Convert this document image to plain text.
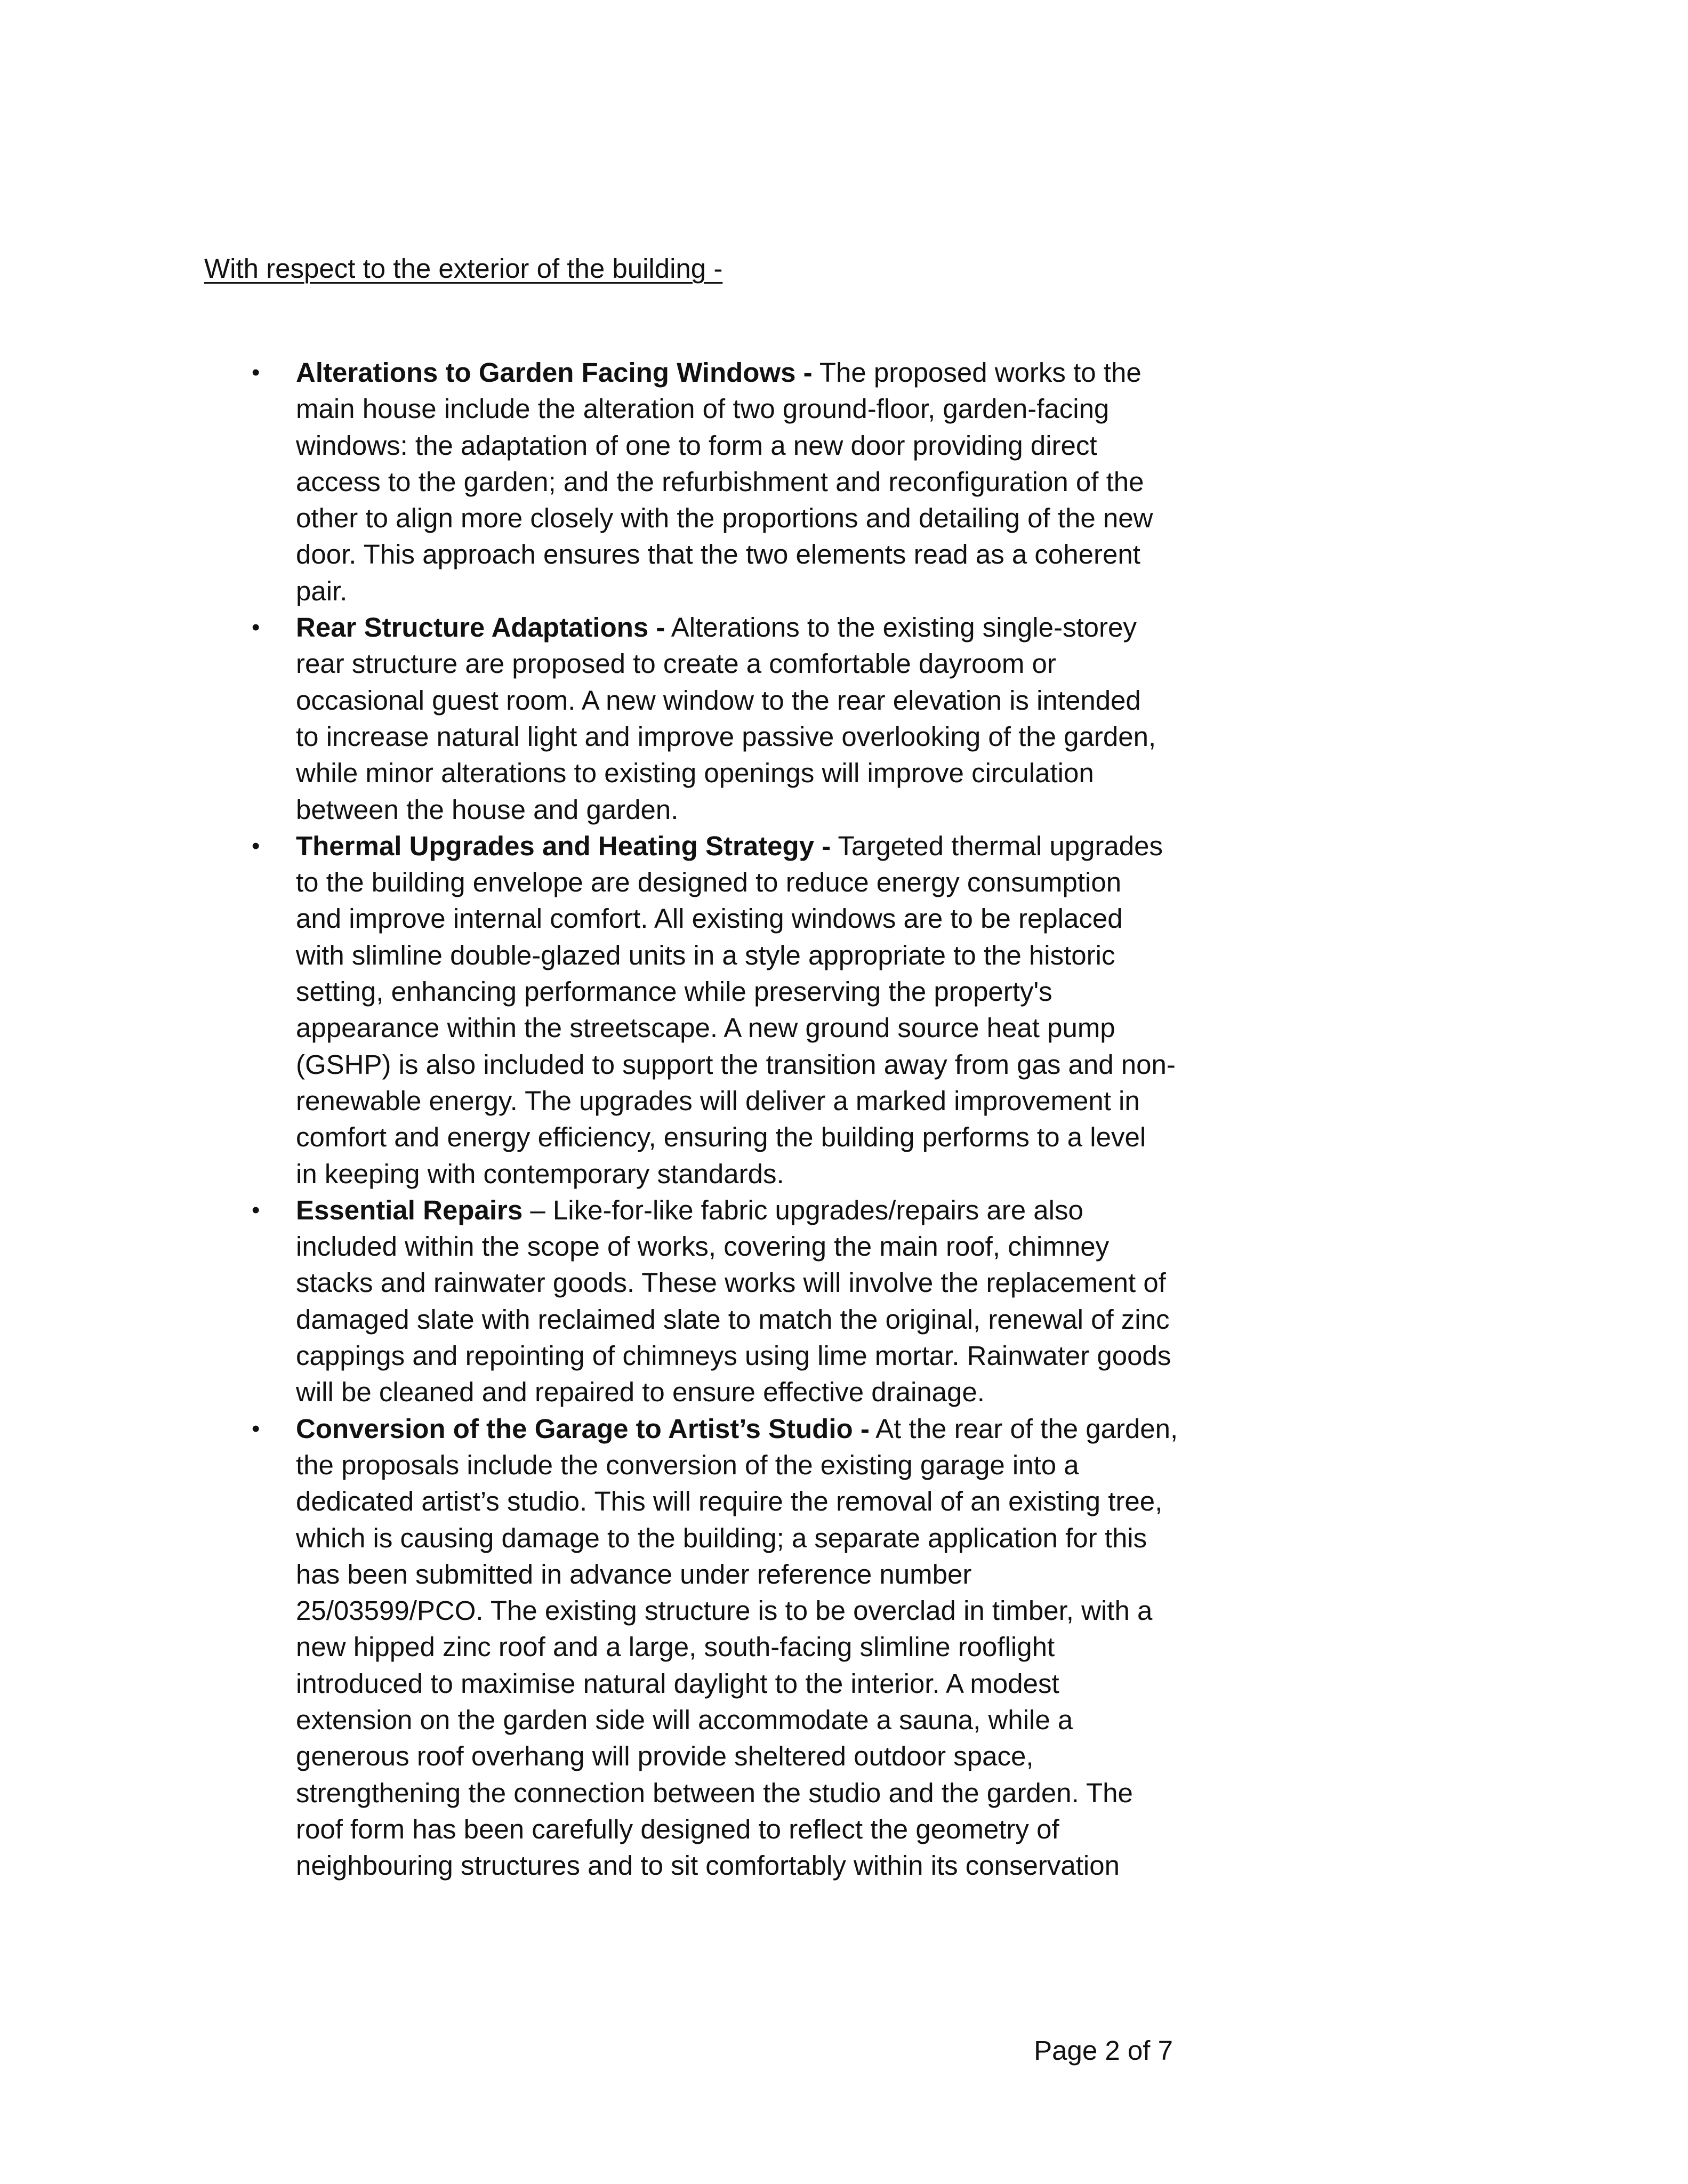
With respect to the exterior of the building -
•	Alterations to Garden Facing Windows - The proposed works to the
main house include the alteration of two ground-floor, garden-facing
windows: the adaptation of one to form a new door providing direct
access to the garden; and the refurbishment and reconfiguration of the
other to align more closely with the proportions and detailing of the new
door. This approach ensures that the two elements read as a coherent
pair.
•	Rear Structure Adaptations - Alterations to the existing single-storey
rear structure are proposed to create a comfortable dayroom or
occasional guest room. A new window to the rear elevation is intended
to increase natural light and improve passive overlooking of the garden,
while minor alterations to existing openings will improve circulation
between the house and garden.
•	Thermal Upgrades and Heating Strategy - Targeted thermal upgrades
to the building envelope are designed to reduce energy consumption
and improve internal comfort. All existing windows are to be replaced
with slimline double-glazed units in a style appropriate to the historic
setting, enhancing performance while preserving the property's
appearance within the streetscape. A new ground source heat pump
(GSHP) is also included to support the transition away from gas and non-
renewable energy. The upgrades will deliver a marked improvement in
comfort and energy efficiency, ensuring the building performs to a level
in keeping with contemporary standards.
•	Essential Repairs – Like-for-like fabric upgrades/repairs are also
included within the scope of works, covering the main roof, chimney
stacks and rainwater goods. These works will involve the replacement of
damaged slate with reclaimed slate to match the original, renewal of zinc
cappings and repointing of chimneys using lime mortar. Rainwater goods
will be cleaned and repaired to ensure effective drainage.
•	Conversion of the Garage to Artist’s Studio - At the rear of the garden,
the proposals include the conversion of the existing garage into a
dedicated artist’s studio. This will require the removal of an existing tree,
which is causing damage to the building; a separate application for this
has been submitted in advance under reference number
25/03599/PCO. The existing structure is to be overclad in timber, with a
new hipped zinc roof and a large, south-facing slimline rooflight
introduced to maximise natural daylight to the interior. A modest
extension on the garden side will accommodate a sauna, while a
generous roof overhang will provide sheltered outdoor space,
strengthening the connection between the studio and the garden. The
roof form has been carefully designed to reflect the geometry of
neighbouring structures and to sit comfortably within its conservation
Page 2 of 7
